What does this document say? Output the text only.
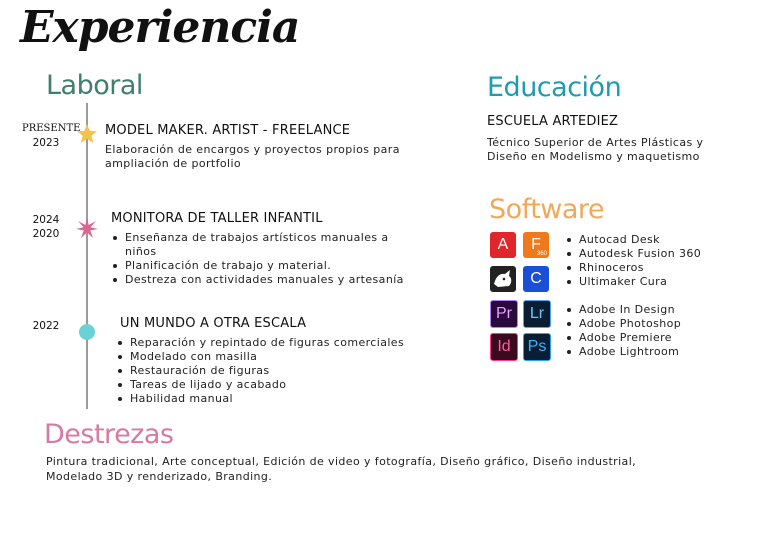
Experiencia
Laboral
PRESENTE
2023
MODEL MAKER. ARTIST - FREELANCE
Elaboración de encargos y proyectos propios para
ampliación de portfolio
2024
2020
MONITORA DE TALLER INFANTIL
Enseñanza de trabajos artísticos manuales a
niños
Planificación de trabajo y material.
Destreza con actividades manuales y artesanía
2022	UN MUNDO A OTRA ESCALA
Reparación y repintado de figuras comerciales
Modelado con masilla
Restauración de figuras
Tareas de lijado y acabado
Habilidad manual
Educación
ESCUELA ARTEDIEZ
Técnico Superior de Artes Plásticas y
Diseño en Modelismo y maquetismo
Software
A	F
360
C
Pr	Lr
Id	Ps
Autocad Desk
Autodesk Fusion 360
Rhinoceros
Ultimaker Cura
Adobe In Design
Adobe Photoshop
Adobe Premiere
Adobe Lightroom
Destrezas
Pintura tradicional, Arte conceptual, Edición de video y fotografía, Diseño gráfico, Diseño industrial,
Modelado 3D y renderizado, Branding.
